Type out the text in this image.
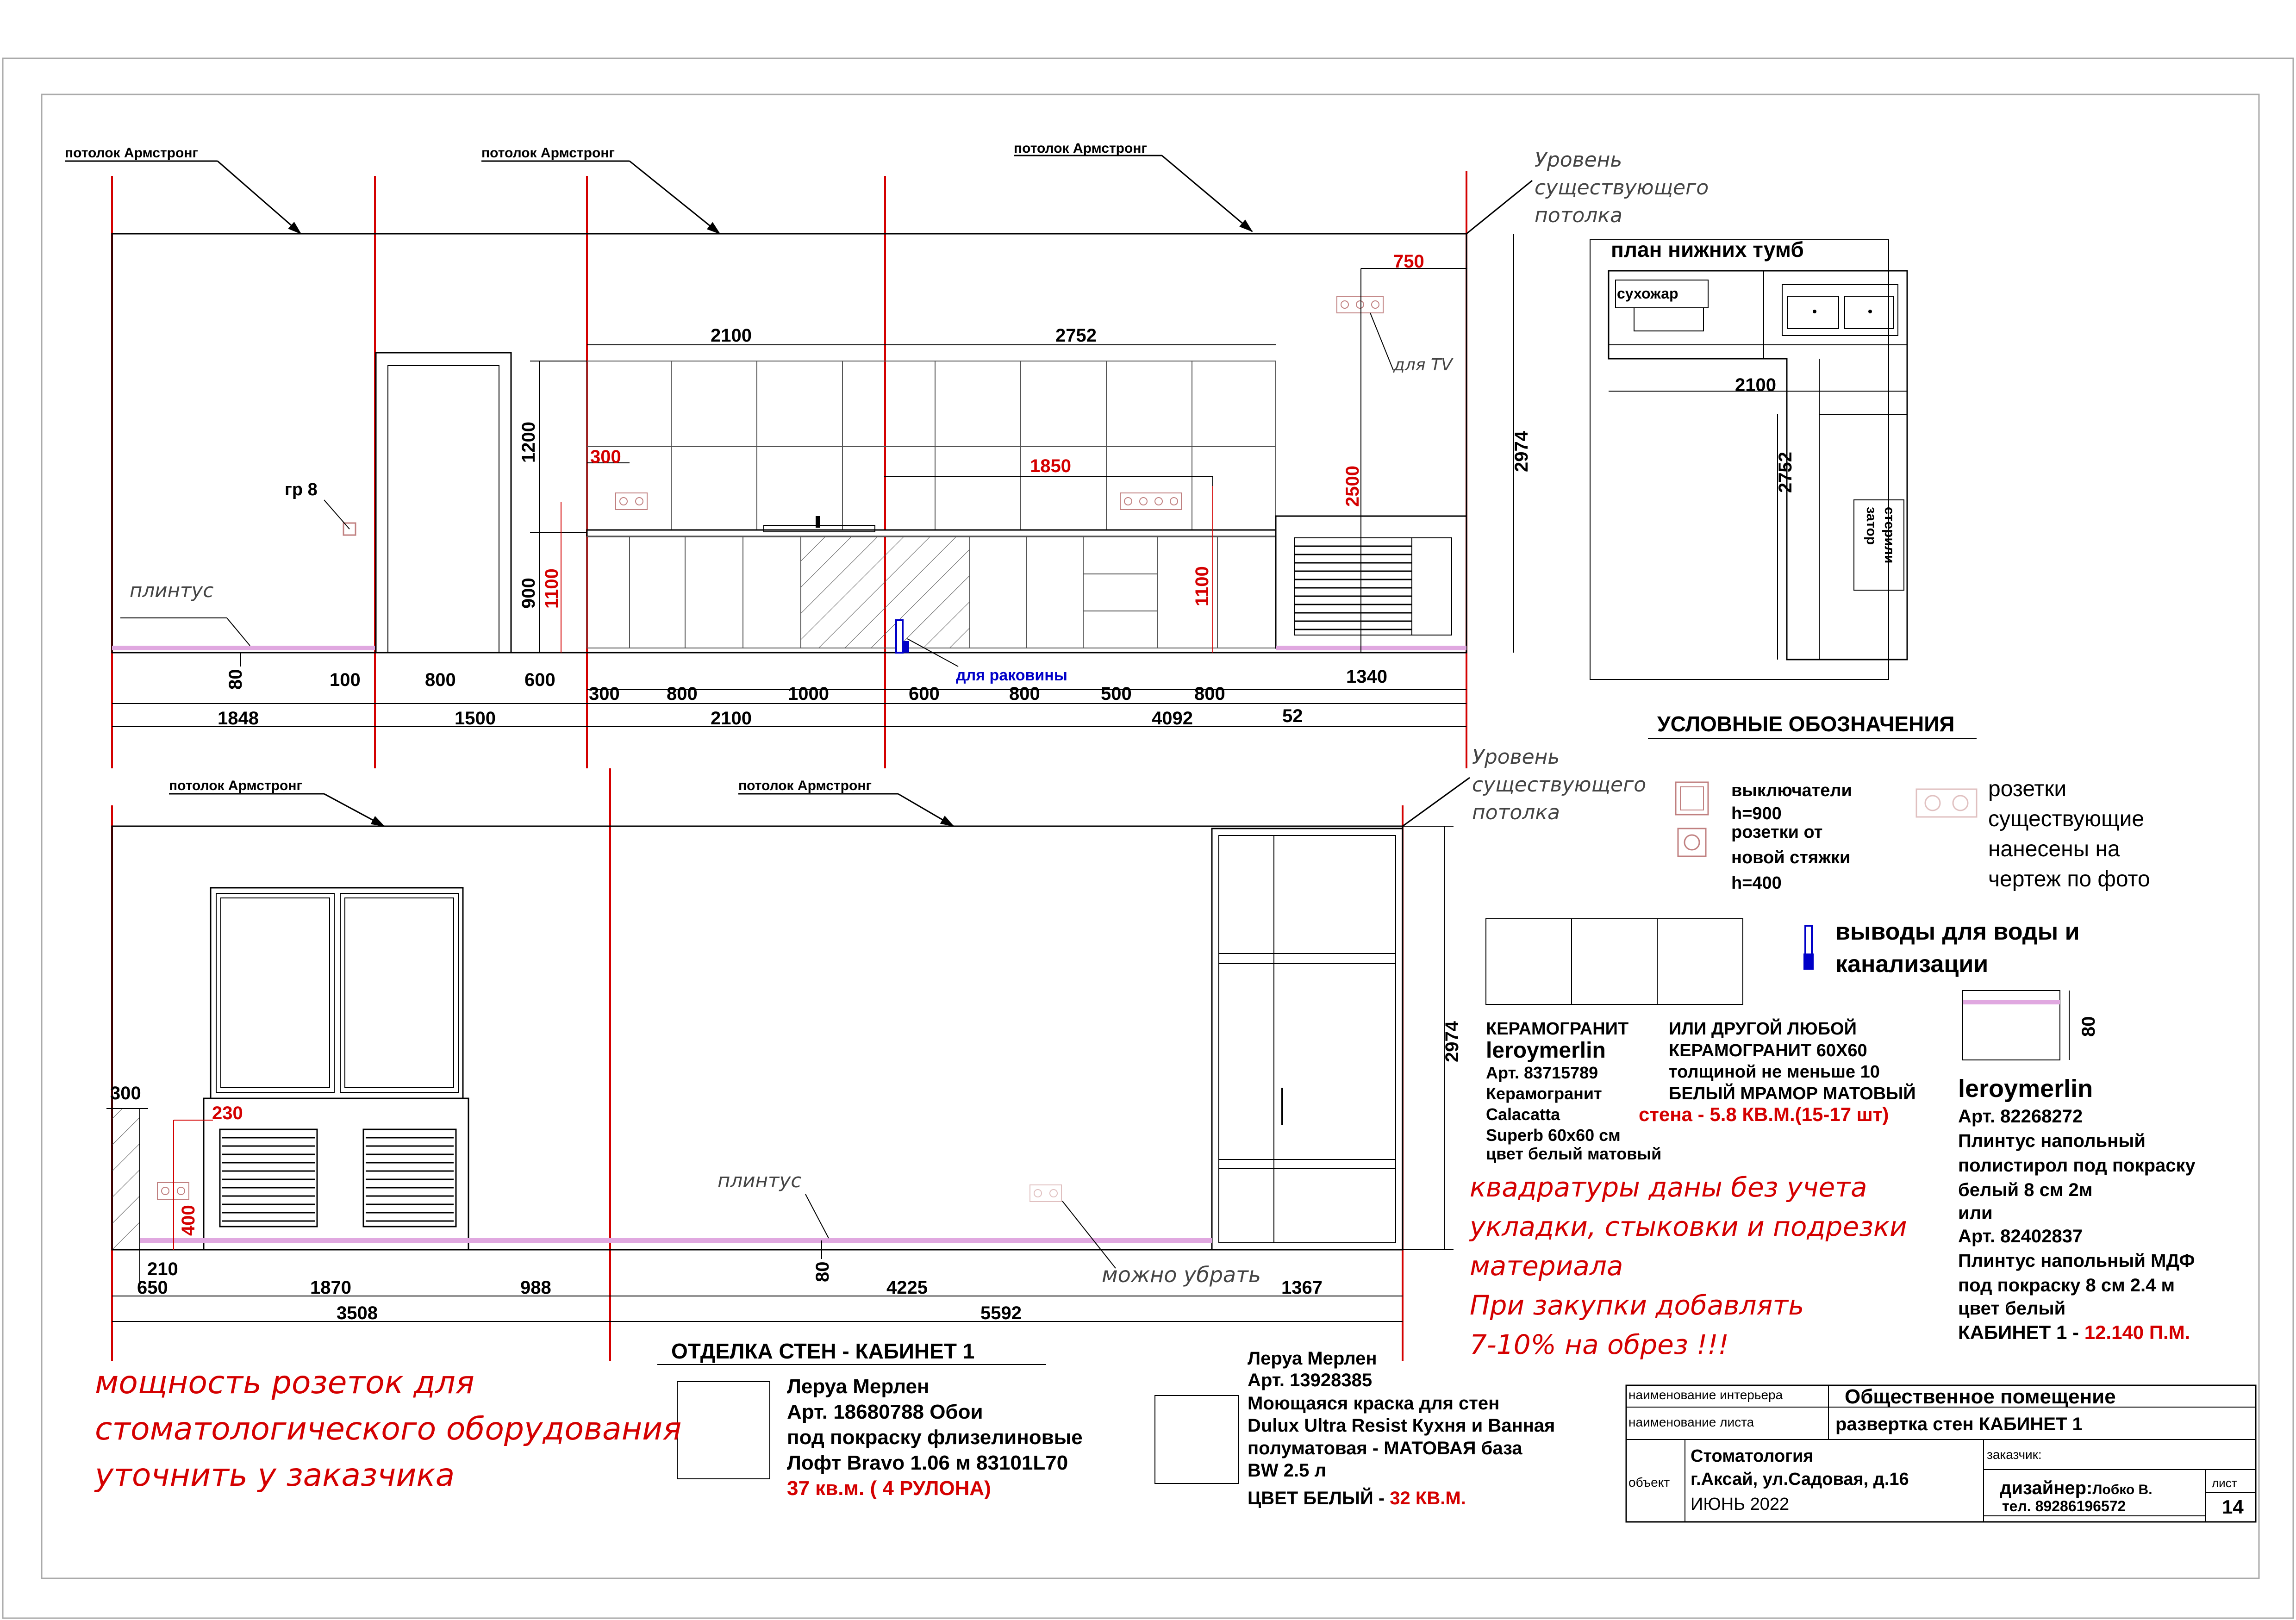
потолок Армстронг	потолок Армстронг	потолок Армстронг	Уровень
существующего
потолка
гр 8
плинтус
для TV
для раковины
2100	2752
1200
900
2974
80	100	800	600
300	800	1000	600	800	500	800
1340
1848	1500	2100	4092	52
750
300	1850
1100
2500
1100
план нижних тумб
сухожар
2100
2752
стерили
затор
УСЛОВНЫЕ ОБОЗНАЧЕНИЯ
выключатели
h=900
розетки от
новой стяжки
h=400
розетки
существующие
нанесены на
чертеж по фото
выводы для воды и
канализации
КЕРАМОГРАНИТ
leroymerlin
Арт. 83715789
Керамогранит
Calacatta
Superb 60x60 см
цвет белый матовый
ИЛИ ДРУГОЙ ЛЮБОЙ
КЕРАМОГРАНИТ 60X60
толщиной не меньше 10
БЕЛЫЙ МРАМОР МАТОВЫЙ
стена - 5.8 КВ.М.(15-17 шт)
квадратуры даны без учета
укладки, стыковки и подрезки
материала
При закупки добавлять
7-10% на обрез !!!
80
leroymerlin
Арт. 82268272
Плинтус напольный
полистирол под покраску
белый 8 см 2м
или
Арт. 82402837
Плинтус напольный МДФ
под покраску 8 см 2.4 м
цвет белый
КАБИНЕТ 1 - 12.140 П.М.
потолок Армстронг	потолок Армстронг
Уровень
существующего
потолка
плинтус
можно убрать
300
2974
210	80
650	1870	988	4225	1367
3508	5592
230
400
ОТДЕЛКА СТЕН - КАБИНЕТ 1
Леруа Мерлен
Арт. 18680788 Обои
под покраску флизелиновые
Лофт Bravo 1.06 м 83101L70
37 кв.м. ( 4 РУЛОНА)
Леруа Мерлен
Арт. 13928385
Моющаяся краска для стен
Dulux Ultra Resist Кухня и Ванная
полуматовая - МАТОВАЯ база
BW 2.5 л
ЦВЕТ БЕЛЫЙ - 32 КВ.М.
мощность розеток для
стоматологического оборудования
уточнить у заказчика
наименование интерьера	Общественное помещение
наименование листа	развертка стен КАБИНЕТ 1
объект
Стоматология
г.Аксай, ул.Садовая, д.16
ИЮНЬ 2022
заказчик:
дизайнер:Лобко В.
тел. 89286196572
лист
14
